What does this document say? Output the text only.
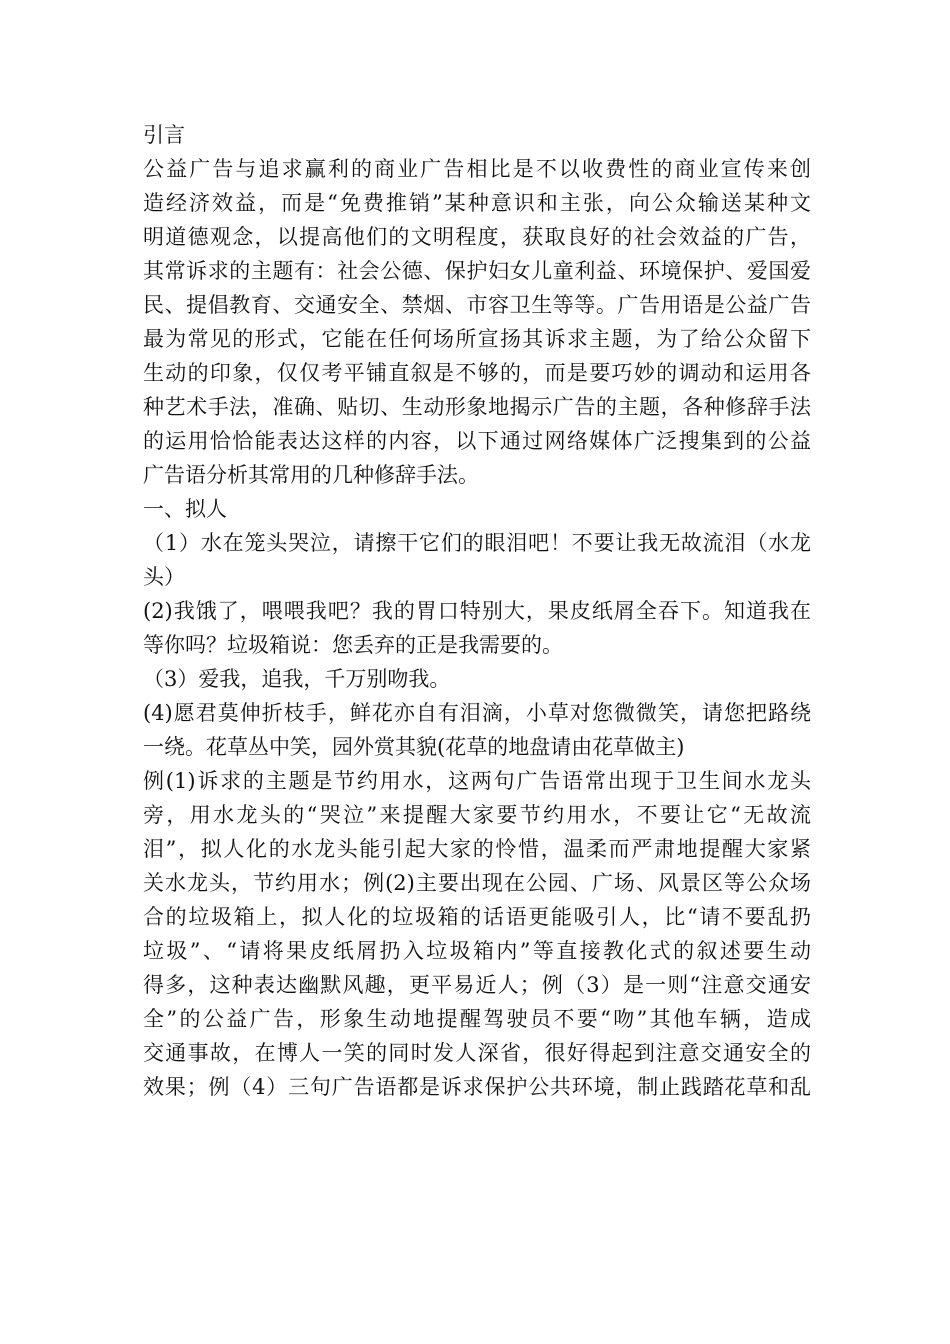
引言
公益广告与追求赢利的商业广告相比是不以收费性的商业宣传来创
造经济效益，而是“免费推销”某种意识和主张，向公众输送某种文
明道德观念，以提高他们的文明程度，获取良好的社会效益的广告，
其常诉求的主题有：社会公德、保护妇女儿童利益、环境保护、爱国爱
民、提倡教育、交通安全、禁烟、市容卫生等等。广告用语是公益广告
最为常见的形式，它能在任何场所宣扬其诉求主题，为了给公众留下
生动的印象，仅仅考平铺直叙是不够的，而是要巧妙的调动和运用各
种艺术手法，准确、贴切、生动形象地揭示广告的主题，各种修辞手法
的运用恰恰能表达这样的内容，以下通过网络媒体广泛搜集到的公益
广告语分析其常用的几种修辞手法。
一、拟人
（1）水在笼头哭泣，请擦干它们的眼泪吧！不要让我无故流泪（水龙
头）
(2)我饿了，喂喂我吧？我的胃口特别大，果皮纸屑全吞下。知道我在
等你吗？垃圾箱说：您丢弃的正是我需要的。
（3）爱我，追我，千万别吻我。
(4)愿君莫伸折枝手，鲜花亦自有泪滴，小草对您微微笑，请您把路绕
一绕。花草丛中笑，园外赏其貌(花草的地盘请由花草做主)
例(1)诉求的主题是节约用水，这两句广告语常出现于卫生间水龙头
旁，用水龙头的“哭泣”来提醒大家要节约用水，不要让它“无故流
泪”，拟人化的水龙头能引起大家的怜惜，温柔而严肃地提醒大家紧
关水龙头，节约用水；例(2)主要出现在公园、广场、风景区等公众场
合的垃圾箱上，拟人化的垃圾箱的话语更能吸引人，比“请不要乱扔
垃圾”、“请将果皮纸屑扔入垃圾箱内”等直接教化式的叙述要生动
得多，这种表达幽默风趣，更平易近人；例（3）是一则“注意交通安
全”的公益广告，形象生动地提醒驾驶员不要“吻”其他车辆，造成
交通事故，在博人一笑的同时发人深省，很好得起到注意交通安全的
效果；例（4）三句广告语都是诉求保护公共环境，制止践踏花草和乱
